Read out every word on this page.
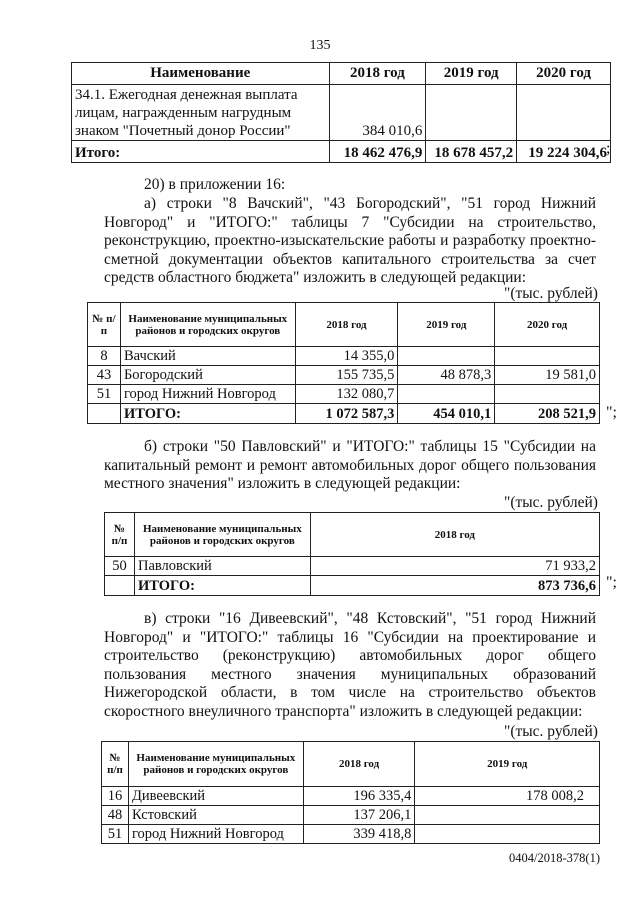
135
Наименование	2018 год	2019 год	2020 год
34.1. Ежегодная денежная выплата лицам, награжденным нагрудным знаком "Почетный донор России"	384 010,6		
Итого:	18 462 476,9	18 678 457,2	19 224 304,6 ;
20) в приложении 16:
а) строки "8 Вачский", "43 Богородский", "51 город Нижний Новгород" и "ИТОГО:" таблицы 7 "Субсидии на строительство, реконструкцию, проектно-изыскательские работы и разработку проектно-сметной документации объектов капитального строительства за счет средств областного бюджета" изложить в следующей редакции:
"(тыс. рублей)
№ п/п	Наименование муниципальных районов и городских округов	2018 год	2019 год	2020 год
8	Вачский	14 355,0		
43	Богородский	155 735,5	48 878,3	19 581,0
51	город Нижний Новгород	132 080,7		
	ИТОГО:	1 072 587,3	454 010,1	208 521,9 ";
б) строки "50 Павловский" и "ИТОГО:" таблицы 15 "Субсидии на капитальный ремонт и ремонт автомобильных дорог общего пользования местного значения" изложить в следующей редакции:
"(тыс. рублей)
№ п/п	Наименование муниципальных районов и городских округов	2018 год
50	Павловский	71 933,2
	ИТОГО:	873 736,6 ";
в) строки "16 Дивеевский", "48 Кстовский", "51 город Нижний Новгород" и "ИТОГО:" таблицы 16 "Субсидии на проектирование и строительство (реконструкцию) автомобильных дорог общего пользования местного значения муниципальных образований Нижегородской области, в том числе на строительство объектов скоростного внеуличного транспорта" изложить в следующей редакции:
"(тыс. рублей)
№ п/п	Наименование муниципальных районов и городских округов	2018 год	2019 год
16	Дивеевский	196 335,4	178 008,2
48	Кстовский	137 206,1	
51	город Нижний Новгород	339 418,8	
0404/2018-378(1)
